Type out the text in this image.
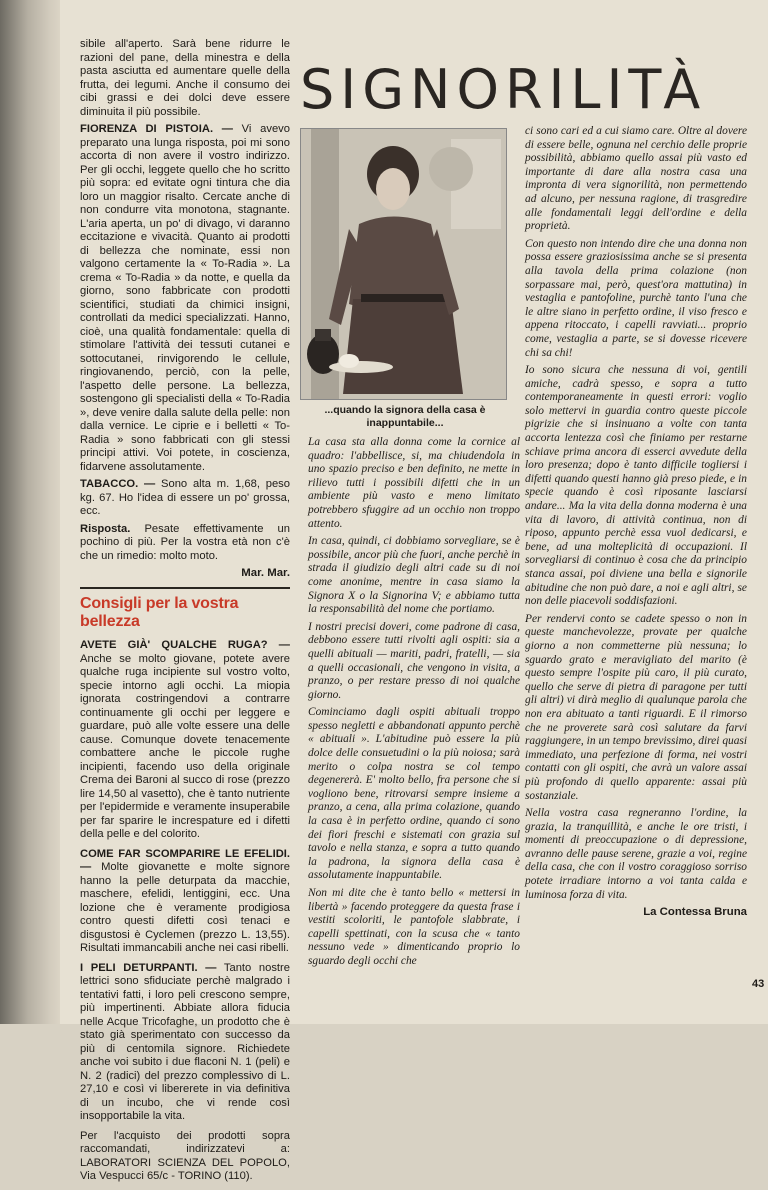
sibile all'aperto. Sarà bene ridurre le razioni del pane, della minestra e della pasta asciutta ed aumentare quelle della frutta, dei legumi. Anche il consumo dei cibi grassi e dei dolci deve essere diminuita il più possibile.

FIORENZA DI PISTOIA. — Vi avevo preparato una lunga risposta, poi mi sono accorta di non avere il vostro indirizzo. Per gli occhi, leggete quello che ho scritto più sopra: ed evitate ogni tintura che dia loro un maggior risalto. Cercate anche di non condurre vita monotona, stagnante. L'aria aperta, un po' di divago, vi daranno eccitazione e vivacità. Quanto ai prodotti di bellezza che nominate, essi non valgono certamente la « To-Radia ». La crema « To-Radia » da notte, e quella da giorno, sono fabbricate con prodotti scientifici, studiati da chimici insigni, controllati da medici specializzati. Hanno, cioè, una qualità fondamentale: quella di stimolare l'attività dei tessuti cutanei e sottocutanei, rinvigorendo le cellule, ringiovanendo, perciò, con la pelle, l'aspetto delle persone. La bellezza, sostengono gli specialisti della « To-Radia », deve venire dalla salute della pelle: non dalla vernice. Le ciprie e i belletti « To-Radia » sono fabbricati con gli stessi principi attivi. Voi potete, in coscienza, fidarvene assolutamente.

TABACCO. — Sono alta m. 1,68, peso kg. 67. Ho l'idea di essere un po' grossa, ecc.

Risposta. Pesate effettivamente un pochino di più. Per la vostra età non c'è che un rimedio: molto moto.

Mar. Mar.
Consigli per la vostra bellezza

AVETE GIÀ' QUALCHE RUGA? — Anche se molto giovane, potete avere qualche ruga incipiente sul vostro volto, specie intorno agli occhi. La miopia ignorata costringendovi a contrarre continuamente gli occhi per leggere e guardare, può alle volte essere una delle cause. Comunque dovete tenacemente combattere anche le piccole rughe incipienti, facendo uso della originale Crema dei Baroni al succo di rose (prezzo lire 14,50 al vasetto), che è tanto nutriente per l'epidermide e veramente insuperabile per far sparire le increspature ed i difetti della pelle e del colorito.

COME FAR SCOMPARIRE LE EFELIDI. — Molte giovanette e molte signore hanno la pelle deturpata da macchie, maschere, efelidi, lentiggini, ecc. Una lozione che è veramente prodigiosa contro questi difetti così tenaci e disgustosi è Cyclemen (prezzo L. 13,55). Risultati immancabili anche nei casi ribelli.

I PELI DETURPANTI. — Tanto nostre lettrici sono sfiduciate perchè malgrado i tentativi fatti, i loro peli crescono sempre, più impertinenti. Abbiate allora fiducia nelle Acque Tricofaghe, un prodotto che è stato già sperimentato con successo da più di centomila signore. Richiedete anche voi subito i due flaconi N. 1 (peli) e N. 2 (radici) del prezzo complessivo di L. 27,10 e così vi libererete in via definitiva di un incubo, che vi rende così insopportabile la vita.

Per l'acquisto dei prodotti sopra raccomandati, indirizzatevi a: LABORATORI SCIENZA DEL POPOLO, Via Vespucci 65/c - TORINO (110).

SIGNORILITÀ
...quando la signora della casa è inappuntabile...

La casa sta alla donna come la cornice al quadro: l'abbellisce, si, ma chiudendola in uno spazio preciso e ben definito, ne mette in rilievo tutti i possibili difetti che in un ambiente più vasto e meno limitato potrebbero sfuggire ad un occhio non troppo attento.

In casa, quindi, ci dobbiamo sorvegliare, se è possibile, ancor più che fuori, anche perchè in strada il giudizio degli altri cade su di noi come anonime, mentre in casa siamo la Signora X o la Signorina V; e abbiamo tutta la responsabilità del nome che portiamo.

I nostri precisi doveri, come padrone di casa, debbono essere tutti rivolti agli ospiti: sia a quelli abituali — mariti, padri, fratelli, — sia a quelli occasionali, che vengono in visita, a pranzo, o per restare presso di noi qualche giorno.

Cominciamo dagli ospiti abituali troppo spesso negletti e abbandonati appunto perchè « abituali ». L'abitudine può essere la più dolce delle consuetudini o la più noiosa; sarà merito o colpa nostra se col tempo degenererà. E' molto bello, fra persone che si vogliono bene, ritrovarsi sempre insieme a pranzo, a cena, alla prima colazione, quando la casa è in perfetto ordine, quando ci sono dei fiori freschi e sistemati con grazia sul tavolo e nella stanza, e sopra a tutto quando la padrona, la signora della casa è assolutamente inappuntabile.

Non mi dite che è tanto bello « mettersi in libertà » facendo proteggere da questa frase i vestiti scoloriti, le pantofole slabbrate, i capelli spettinati, con la scusa che « tanto nessuno vede » dimenticando proprio lo sguardo degli occhi che

ci sono cari ed a cui siamo care. Oltre al dovere di essere belle, ognuna nel cerchio delle proprie possibilità, abbiamo quello assai più vasto ed importante di dare alla nostra casa una impronta di vera signorilità, non permettendo ad alcuno, per nessuna ragione, di trasgredire alle fondamentali leggi dell'ordine e della proprietà.

Con questo non intendo dire che una donna non possa essere graziosissima anche se si presenta alla tavola della prima colazione (non sorpassare mai, però, quest'ora mattutina) in vestaglia e pantofoline, purchè tanto l'una che le altre siano in perfetto ordine, il viso fresco e appena ritoccato, i capelli ravviati... proprio come, vestaglia a parte, se si dovesse ricevere chi sa chi!

Io sono sicura che nessuna di voi, gentili amiche, cadrà spesso, e sopra a tutto contemporaneamente in questi errori: voglio solo mettervi in guardia contro queste piccole pigrizie che si insinuano a volte con tanta accorta lentezza così che finiamo per restarne schiave prima ancora di esserci avvedute della loro presenza; dopo è tanto difficile togliersi i difetti quando questi hanno già preso piede, e in specie quando è così riposante lasciarsi andare... Ma la vita della donna moderna è una vita di lavoro, di attività continua, non di riposo, appunto perchè essa vuol dedicarsi, e bene, ad una molteplicità di occupazioni. Il sorvegliarsi di continuo è cosa che da principio stanca assai, poi diviene una bella e signorile abitudine che non può dare, a noi e agli altri, se non delle piacevoli soddisfazioni.

Per rendervi conto se cadete spesso o non in queste manchevolezze, provate per qualche giorno a non commetterne più nessuna; lo sguardo grato e meravigliato del marito (è questo sempre l'ospite più caro, il più curato, quello che serve di pietra di paragone per tutti gli altri) vi dirà meglio di qualunque parola che non era abituato a tanti riguardi. E il rimorso che ne proverete sarà così salutare da farvi raggiungere, in un tempo brevissimo, direi quasi immediato, una perfezione di forma, nei vostri contatti con gli ospiti, che avrà un valore assai più profondo di quello apparente: assai più sostanziale.

Nella vostra casa regneranno l'ordine, la grazia, la tranquillità, e anche le ore tristi, i momenti di preoccupazione o di depressione, avranno delle pause serene, grazie a voi, regine della casa, che con il vostro coraggioso sorriso potete irradiare intorno a voi tanta calda e luminosa forza di vita.

La Contessa Bruna
43
